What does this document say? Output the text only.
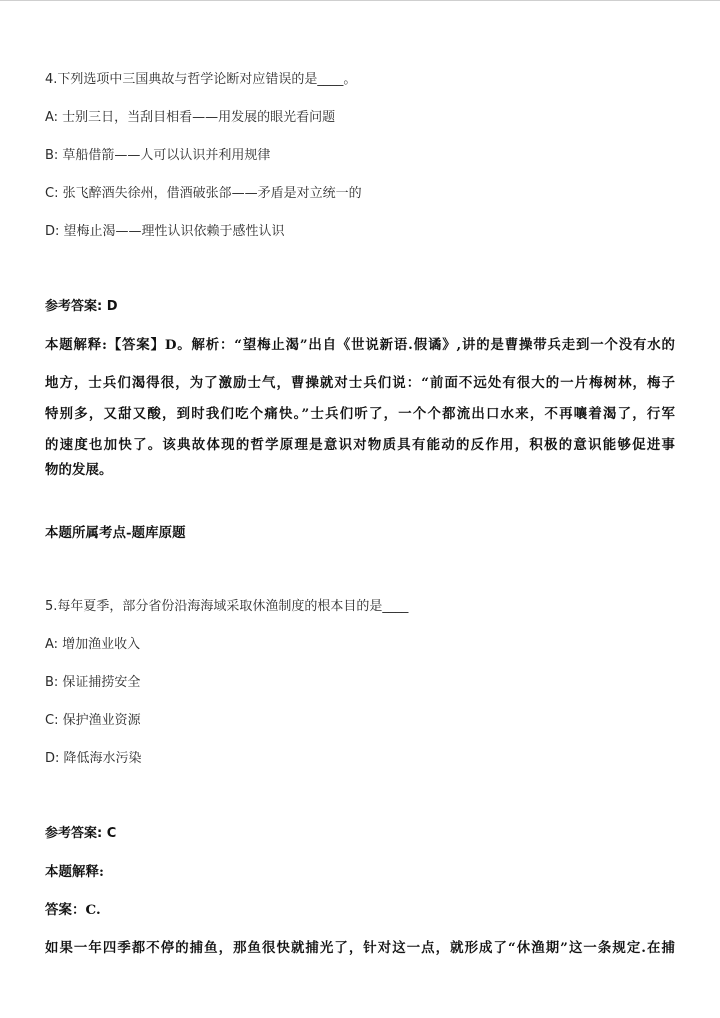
4.下列选项中三国典故与哲学论断对应错误的是____。
A: 士别三日，当刮目相看——用发展的眼光看问题
B: 草船借箭——人可以认识并利用规律
C: 张飞醉酒失徐州，借酒破张郃——矛盾是对立统一的
D: 望梅止渴——理性认识依赖于感性认识
参考答案: D
本题解释:【答案】D。解析：“望梅止渴”出自《世说新语.假谲》,讲的是曹操带兵走到一个没有水的
地方，士兵们渴得很，为了激励士气，曹操就对士兵们说：“前面不远处有很大的一片梅树林，梅子
特别多，又甜又酸，到时我们吃个痛快。”士兵们听了，一个个都流出口水来，不再嚷着渴了，行军
的速度也加快了。该典故体现的哲学原理是意识对物质具有能动的反作用，积极的意识能够促进事
物的发展。
本题所属考点-题库原题
5.每年夏季，部分省份沿海海域采取休渔制度的根本目的是____
A: 增加渔业收入
B: 保证捕捞安全
C: 保护渔业资源
D: 降低海水污染
参考答案: C
本题解释:
答案：C.
如果一年四季都不停的捕鱼，那鱼很快就捕光了，针对这一点，就形成了“休渔期”这一条规定.在捕
